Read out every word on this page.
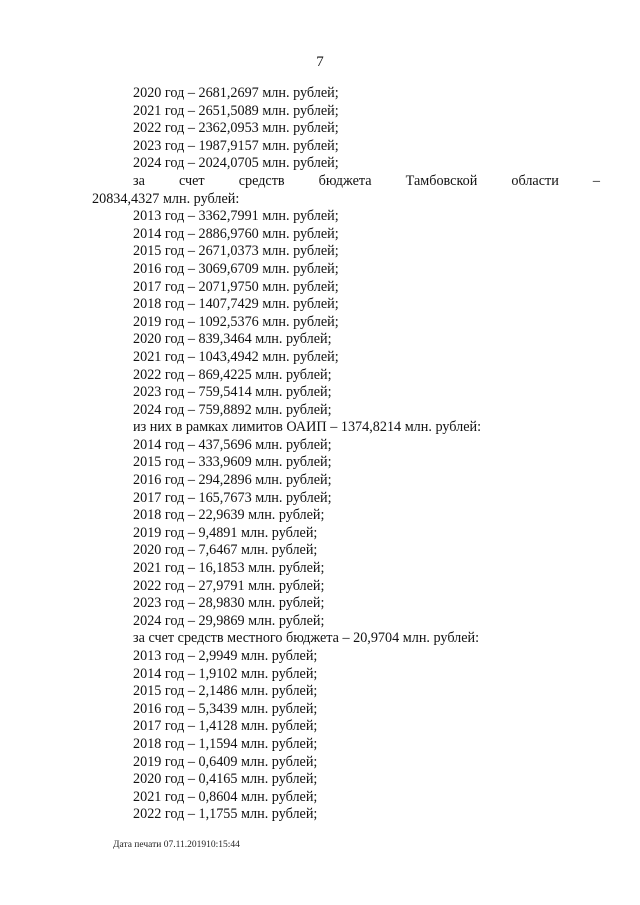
7
2020 год – 2681,2697 млн. рублей;
2021 год – 2651,5089 млн. рублей;
2022 год – 2362,0953 млн. рублей;
2023 год – 1987,9157 млн. рублей;
2024 год – 2024,0705 млн. рублей;
за счет средств бюджета Тамбовской области –
20834,4327 млн. рублей:
2013 год – 3362,7991 млн. рублей;
2014 год – 2886,9760 млн. рублей;
2015 год – 2671,0373 млн. рублей;
2016 год – 3069,6709 млн. рублей;
2017 год – 2071,9750 млн. рублей;
2018 год – 1407,7429 млн. рублей;
2019 год – 1092,5376 млн. рублей;
2020 год – 839,3464 млн. рублей;
2021 год – 1043,4942 млн. рублей;
2022 год – 869,4225 млн. рублей;
2023 год – 759,5414 млн. рублей;
2024 год – 759,8892 млн. рублей;
из них в рамках лимитов ОАИП – 1374,8214 млн. рублей:
2014 год – 437,5696 млн. рублей;
2015 год – 333,9609 млн. рублей;
2016 год – 294,2896 млн. рублей;
2017 год – 165,7673 млн. рублей;
2018 год – 22,9639 млн. рублей;
2019 год – 9,4891 млн. рублей;
2020 год – 7,6467 млн. рублей;
2021 год – 16,1853 млн. рублей;
2022 год – 27,9791 млн. рублей;
2023 год – 28,9830 млн. рублей;
2024 год – 29,9869 млн. рублей;
за счет средств местного бюджета – 20,9704 млн. рублей:
2013 год – 2,9949 млн. рублей;
2014 год – 1,9102 млн. рублей;
2015 год – 2,1486 млн. рублей;
2016 год – 5,3439 млн. рублей;
2017 год – 1,4128 млн. рублей;
2018 год – 1,1594 млн. рублей;
2019 год – 0,6409 млн. рублей;
2020 год – 0,4165 млн. рублей;
2021 год – 0,8604 млн. рублей;
2022 год – 1,1755 млн. рублей;
Дата печати 07.11.201910:15:44
